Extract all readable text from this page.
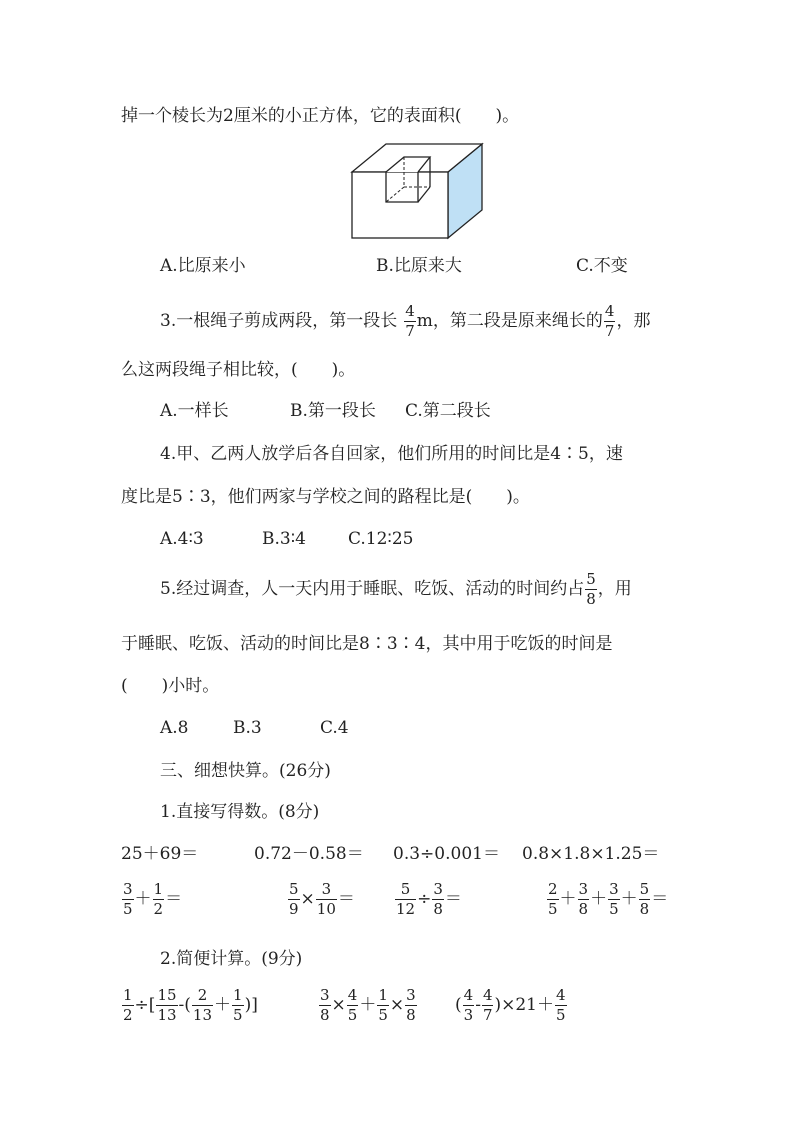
掉一个棱长为2厘米的小正方体，它的表面积(　　)。
A.比原来小	B.比原来大	C.不变
3.一根绳子剪成两段，第一段长 $\frac{4}{7}$ m，第二段是原来绳长的 $\frac{4}{7}$ ，那
么这两段绳子相比较，(　　)。
A.一样长	B.第一段长 C.第二段长
4.甲、乙两人放学后各自回家，他们所用的时间比是4∶5，速
度比是5∶3，他们两家与学校之间的路程比是(　　)。
A.4∶3	B.3∶4 C.12∶25
5.经过调查，人一天内用于睡眠、吃饭、活动的时间约占 $\frac{5}{8}$ ，用
于睡眠、吃饭、活动的时间比是8∶3∶4，其中用于吃饭的时间是
(　　)小时。
A.8	B.3	C.4
三、细想快算。(26分)
1.直接写得数。(8分)
25＋69＝	0.72－0.58＝ 0.3÷0.001＝ 0.8×1.8×1.25＝
$\frac{3}{5} + \frac{1}{2}$ ＝	$\frac{5}{9} \times \frac{3}{10}$ ＝	$\frac{5}{12} \div \frac{3}{8}$ ＝	$\frac{2}{5} + \frac{3}{8} + \frac{3}{5} + \frac{5}{8}$ ＝
2.简便计算。(9分)
$\frac{1}{2}$ ÷ [ $\frac{15}{13}$ - ( $\frac{2}{13} + \frac{1}{5}$ ) ]	$\frac{3}{8} \times \frac{4}{5} + \frac{1}{5} \times \frac{3}{8}$ ( $\frac{4}{3} - \frac{4}{7}$ ) $\times 21+ \frac{4}{5}$
